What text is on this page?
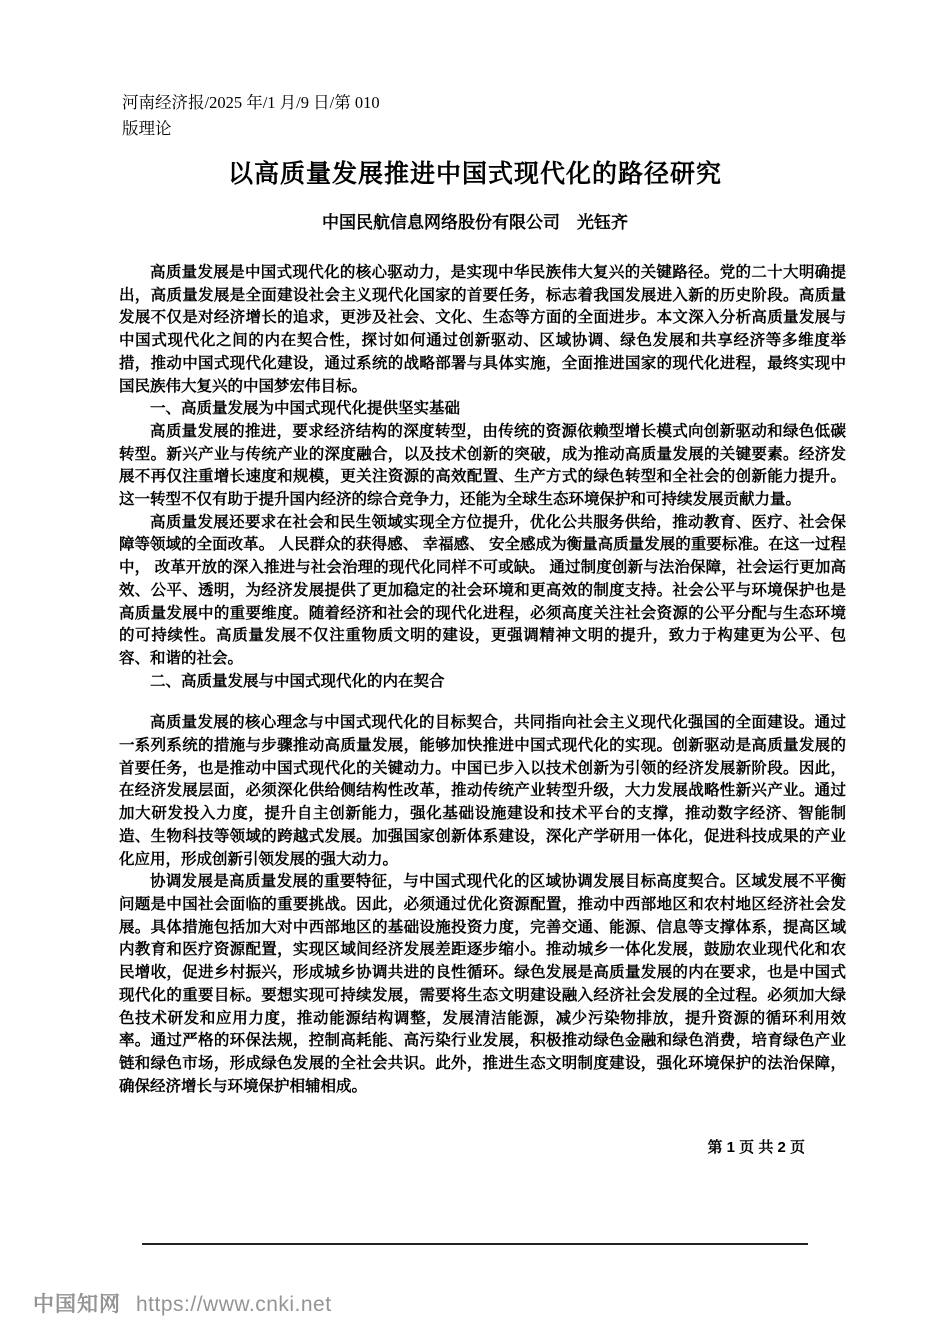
河南经济报/2025 年/1 月/9 日/第 010
版理论
以高质量发展推进中国式现代化的路径研究
中国民航信息网络股份有限公司　光钰齐

高质量发展是中国式现代化的核心驱动力，是实现中华民族伟大复兴的关键路径。党的二十大明确提出，高质量发展是全面建设社会主义现代化国家的首要任务，标志着我国发展进入新的历史阶段。高质量发展不仅是对经济增长的追求，更涉及社会、文化、生态等方面的全面进步。本文深入分析高质量发展与中国式现代化之间的内在契合性，探讨如何通过创新驱动、区域协调、绿色发展和共享经济等多维度举措，推动中国式现代化建设，通过系统的战略部署与具体实施，全面推进国家的现代化进程，最终实现中国民族伟大复兴的中国梦宏伟目标。

一、高质量发展为中国式现代化提供坚实基础

高质量发展的推进，要求经济结构的深度转型，由传统的资源依赖型增长模式向创新驱动和绿色低碳转型。新兴产业与传统产业的深度融合，以及技术创新的突破，成为推动高质量发展的关键要素。经济发展不再仅注重增长速度和规模，更关注资源的高效配置、生产方式的绿色转型和全社会的创新能力提升。这一转型不仅有助于提升国内经济的综合竞争力，还能为全球生态环境保护和可持续发展贡献力量。

高质量发展还要求在社会和民生领域实现全方位提升，优化公共服务供给，推动教育、医疗、社会保障等领域的全面改革。 人民群众的获得感、 幸福感、 安全感成为衡量高质量发展的重要标准。在这一过程中， 改革开放的深入推进与社会治理的现代化同样不可或缺。 通过制度创新与法治保障，社会运行更加高效、公平、透明，为经济发展提供了更加稳定的社会环境和更高效的制度支持。社会公平与环境保护也是高质量发展中的重要维度。随着经济和社会的现代化进程，必须高度关注社会资源的公平分配与生态环境的可持续性。高质量发展不仅注重物质文明的建设，更强调精神文明的提升，致力于构建更为公平、包容、和谐的社会。

二、高质量发展与中国式现代化的内在契合

高质量发展的核心理念与中国式现代化的目标契合，共同指向社会主义现代化强国的全面建设。通过一系列系统的措施与步骤推动高质量发展，能够加快推进中国式现代化的实现。创新驱动是高质量发展的首要任务，也是推动中国式现代化的关键动力。中国已步入以技术创新为引领的经济发展新阶段。因此，在经济发展层面，必须深化供给侧结构性改革，推动传统产业转型升级，大力发展战略性新兴产业。通过加大研发投入力度，提升自主创新能力，强化基础设施建设和技术平台的支撑，推动数字经济、智能制造、生物科技等领域的跨越式发展。加强国家创新体系建设，深化产学研用一体化，促进科技成果的产业化应用，形成创新引领发展的强大动力。

协调发展是高质量发展的重要特征，与中国式现代化的区域协调发展目标高度契合。区域发展不平衡问题是中国社会面临的重要挑战。因此，必须通过优化资源配置，推动中西部地区和农村地区经济社会发展。具体措施包括加大对中西部地区的基础设施投资力度，完善交通、能源、信息等支撑体系，提高区域内教育和医疗资源配置，实现区域间经济发展差距逐步缩小。推动城乡一体化发展，鼓励农业现代化和农民增收，促进乡村振兴，形成城乡协调共进的良性循环。绿色发展是高质量发展的内在要求，也是中国式现代化的重要目标。要想实现可持续发展，需要将生态文明建设融入经济社会发展的全过程。必须加大绿色技术研发和应用力度，推动能源结构调整，发展清洁能源，减少污染物排放，提升资源的循环利用效率。通过严格的环保法规，控制高耗能、高污染行业发展，积极推动绿色金融和绿色消费，培育绿色产业链和绿色市场，形成绿色发展的全社会共识。此外，推进生态文明制度建设，强化环境保护的法治保障，确保经济增长与环境保护相辅相成。

第 1 页 共 2 页
中国知网 https://www.cnki.net
